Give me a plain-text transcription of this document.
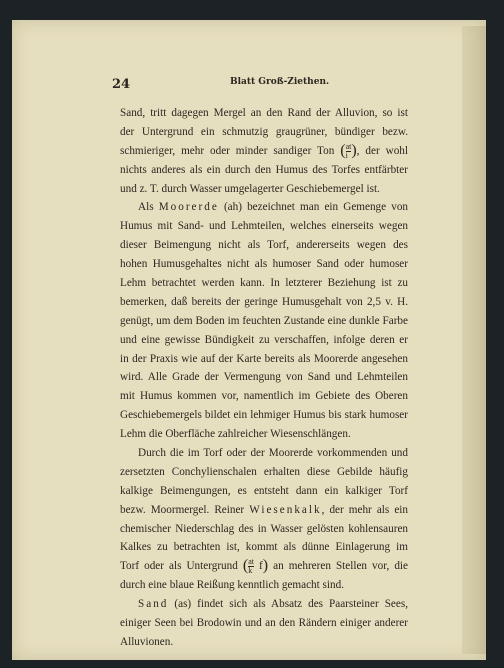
24	Blatt Groß-Ziethen.
Sand, tritt dagegen Mergel an den Rand der Alluvion, so ist
der Untergrund ein schmutzig graugrüner, bündiger bezw.
schmieriger, mehr oder minder sandiger Ton ( $\frac{at}{i}$ ), der wohl
nichts anderes als ein durch den Humus des Torfes entfärbter
und z. T. durch Wasser umgelagerter Geschiebemergel ist.
Als Moorerde (ah) bezeichnet man ein Gemenge von
Humus mit Sand- und Lehmteilen, welches einerseits wegen
dieser Beimengung nicht als Torf, andererseits wegen des
hohen Humusgehaltes nicht als humoser Sand oder humoser
Lehm betrachtet werden kann. In letzterer Beziehung ist zu
bemerken, daß bereits der geringe Humusgehalt von 2,5 v. H.
genügt, um dem Boden im feuchten Zustande eine dunkle Farbe
und eine gewisse Bündigkeit zu verschaffen, infolge deren er
in der Praxis wie auf der Karte bereits als Moorerde angesehen
wird. Alle Grade der Vermengung von Sand und Lehmteilen
mit Humus kommen vor, namentlich im Gebiete des Oberen
Geschiebemergels bildet ein lehmiger Humus bis stark humoser
Lehm die Oberfläche zahlreicher Wiesenschlängen.
Durch die im Torf oder der Moorerde vorkommenden und
zersetzten Conchylienschalen erhalten diese Gebilde häufig
kalkige Beimengungen, es entsteht dann ein kalkiger Torf
bezw. Moormergel. Reiner Wiesenkalk, der mehr als ein
chemischer Niederschlag des in Wasser gelösten kohlensauren
Kalkes zu betrachten ist, kommt als dünne Einlagerung im
Torf oder als Untergrund ( $\frac{at}{k} f$) an mehreren Stellen vor, die
durch eine blaue Reißung kenntlich gemacht sind.
Sand (as) findet sich als Absatz des Paarsteiner Sees,
einiger Seen bei Brodowin und an den Rändern einiger anderer
Alluvionen.
